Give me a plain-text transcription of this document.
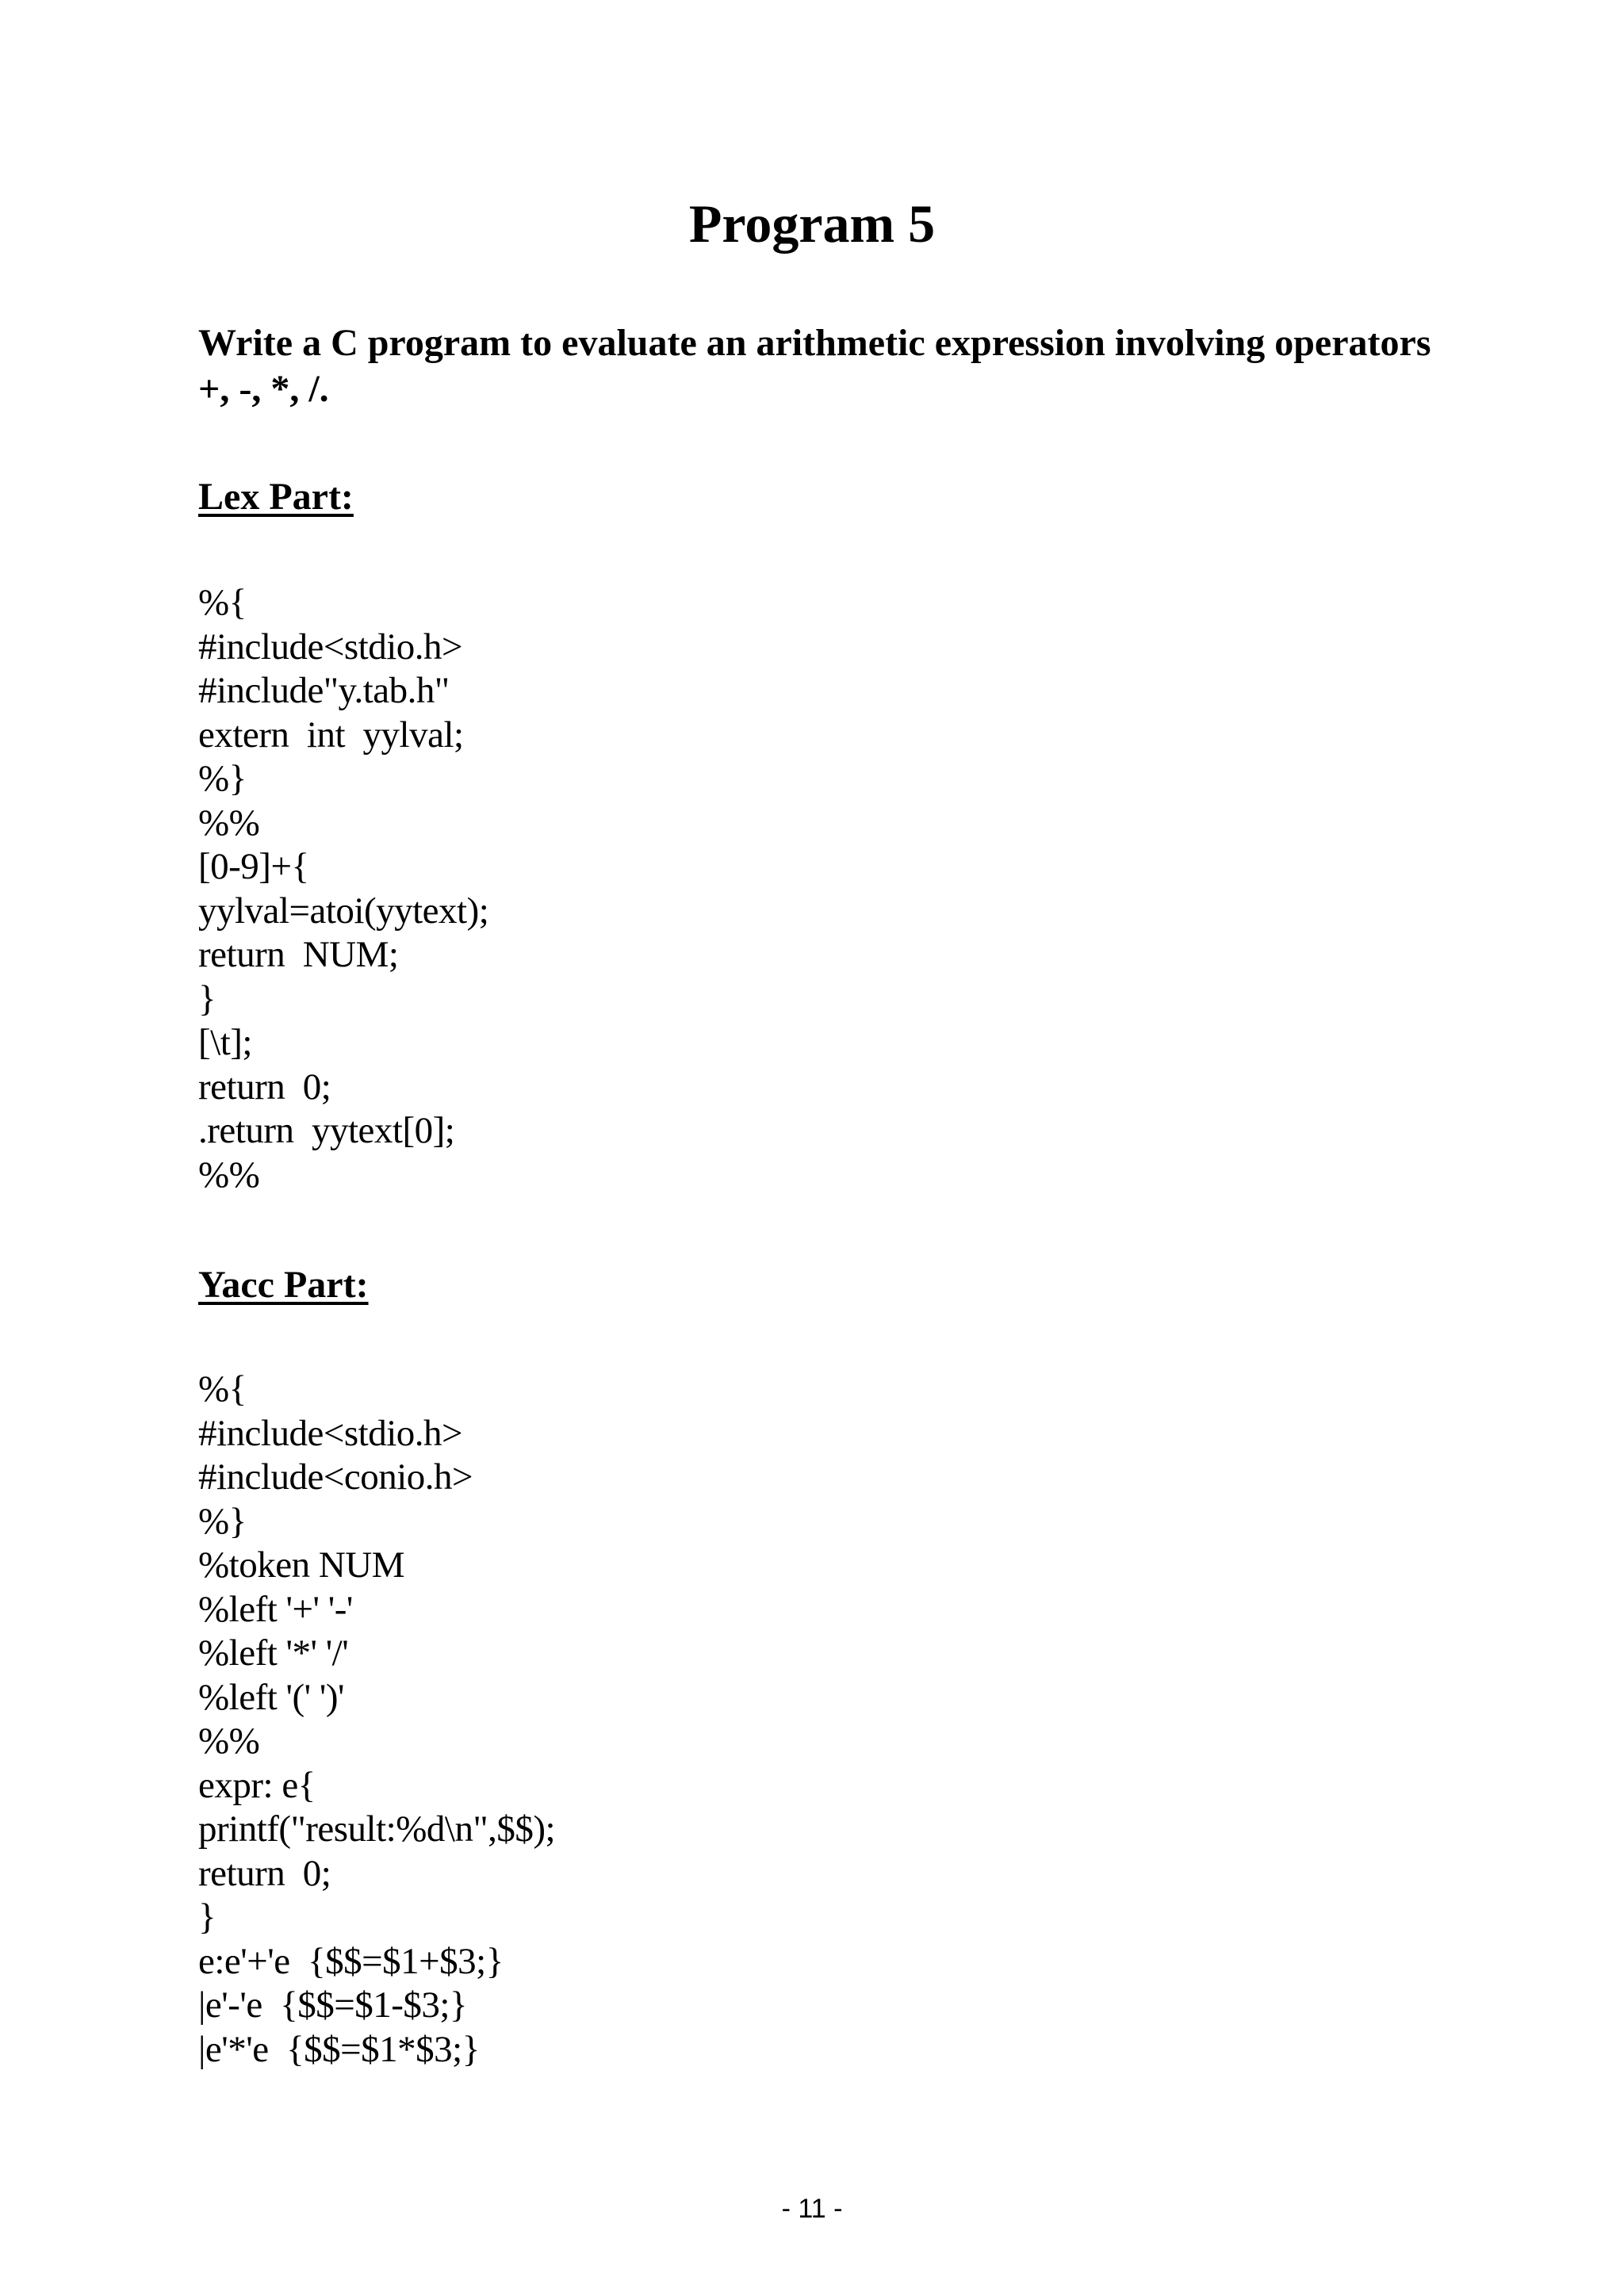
Program 5

Write a C program to evaluate an arithmetic expression involving operators +, -, *, /.

Lex Part:
%{
#include<stdio.h>
#include"y.tab.h"
extern  int  yylval;
%}
%%
[0-9]+{
yylval=atoi(yytext);
return  NUM;
}
[\t];
return  0;
.return  yytext[0];
%%
Yacc Part:
%{
#include<stdio.h>
#include<conio.h>
%}
%token NUM
%left '+' '-'
%left '*' '/'
%left '(' ')'
%%
expr: e{
printf("result:%d\n",$$);
return  0;
}
e:e'+'e  {$$=$1+$3;}
|e'-'e  {$$=$1-$3;}
|e'*'e  {$$=$1*$3;}

- 11 -
